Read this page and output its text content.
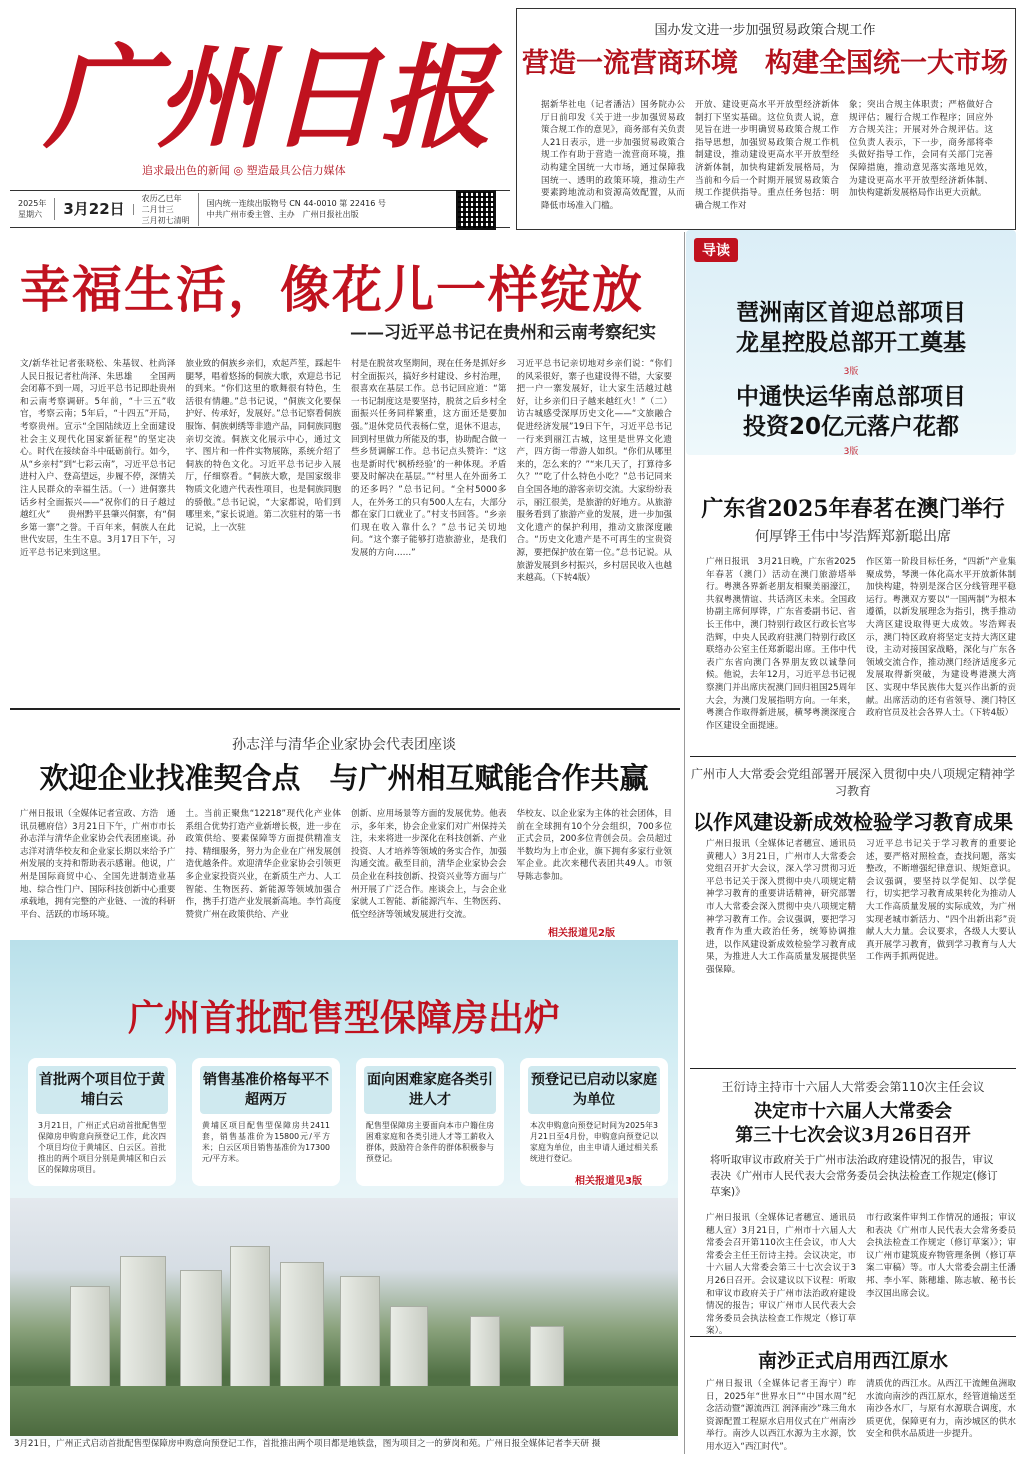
广州日报
追求最出色的新闻 ◎ 塑造最具公信力媒体
2025年
星期六	3月22日
农历乙巳年
二月廿三
三月初七清明
国内统一连续出版物号 CN 44-0010 第 22416 号
中共广州市委主管、主办　广州日报社出版
国办发文进一步加强贸易政策合规工作
营造一流营商环境　构建全国统一大市场
据新华社电（记者潘洁）国务院办公厅日前印发《关于进一步加强贸易政策合规工作的意见》，商务部有关负责人21日表示，进一步加强贸易政策合规工作有助于营造一流营商环境，推动构建全国统一大市场，通过保障我国统一、透明的政策环境，推动生产要素跨地流动和资源高效配置，从而降低市场准入门槛。
开放、建设更高水平开放型经济新体制打下坚实基础。这位负责人说，意见旨在进一步明确贸易政策合规工作指导思想，加强贸易政策合规工作机制建设，推动建设更高水平开放型经济新体制，加快构建新发展格局，为当前和今后一个时期开展贸易政策合规工作提供指导。重点任务包括：明确合规工作对
象；突出合规主体职责；严格做好合规评估；履行合规工作程序；回应外方合规关注；开展对外合规评估。这位负责人表示，下一步，商务部将牵头做好指导工作，会同有关部门完善保障措施，推动意见落实落地见效，为建设更高水平开放型经济新体制、加快构建新发展格局作出更大贡献。
幸福生活，像花儿一样绽放
——习近平总书记在贵州和云南考察纪实
文/新华社记者张晓松、朱基钗、杜尚泽 人民日报记者杜尚泽、朱思雄　　全国两会闭幕不到一周，习近平总书记即赴贵州和云南考察调研。5年前，“十三五”收官，考察云南；5年后，“十四五”开局，考察贵州。宣示“全国陆续迈上全面建设社会主义现代化国家新征程”的坚定决心。时代在接续奋斗中砥砺前行。如今，从“乡亲村”到“七彩云南”，习近平总书记进村入户、登高望远，步履不停，深情关注人民群众的幸福生活。（一）进侗寨共话乡村全面振兴——“祝你们的日子越过越红火”　　贵州黔平县肇兴侗寨，有“侗乡第一寨”之誉。千百年来，侗族人在此世代安居，生生不息。3月17日下午，习近平总书记来到这里。
旅业致的侗族乡亲们，欢起芦笙，踩起牛腿琴，唱着悠扬的侗族大歌，欢迎总书记的到来。“你们这里的歌舞很有特色，生活很有情趣。”总书记说，“侗族文化要保护好、传承好，发展好。”总书记察看侗族服饰、侗族刺绣等非遗产品，同侗族同胞亲切交流。侗族文化展示中心，通过文字、图片和一件件实物展陈，系统介绍了侗族的特色文化。习近平总书记步入展厅，仔细察看。“侗族大歌，是国家级非物质文化遗产代表性项目，也是侗族同胞的骄傲。”总书记说，“大家都说，哈们到哪里来，”家长说道。第二次驻村的第一书记说，上一次驻
村是在脱贫攻坚期间，现在任务是抓好乡村全面振兴，搞好乡村建设、乡村治理，很喜欢在基层工作。总书记回应道：“第一书记制度这是要坚持，脱贫之后乡村全面振兴任务同样繁重，这方面还是要加强。”退休党员代表杨仁堂，退休不退志，回到村里做力所能及的事，协助配合做一些乡贤调解工作。总书记点头赞许：“这也是新时代‘枫桥经验’的一种体现。矛盾要及时解决在基层。”“村里人在外面务工的还多吗？”总书记问。“全村5000多人，在外务工的只有500人左右，大部分都在家门口就业了。”村支书回答。“乡亲们现在收入靠什么？”总书记关切地问。“这个寨子能够打造旅游业，是我们发展的方向……”
习近平总书记亲切地对乡亲们说：“你们的风采很好，寨子也建设得不错，大家要把一户一寨发展好，让大家生活越过越好，让乡亲们日子越来越红火！”（二）访古城感受深厚历史文化——“文旅融合促进经济发展”19日下午，习近平总书记一行来到丽江古城，这里是世界文化遗产，四方街一带游人如织。“你们从哪里来的，怎么来的？”“来几天了，打算待多久？”“吃了什么特色小吃？”总书记同来自全国各地的游客亲切交流。大家纷纷表示，丽江很美，是旅游的好地方。从旅游服务看到了旅游产业的发展，进一步加强文化遗产的保护利用，推动文旅深度融合。“历史文化遗产是不可再生的宝贵资源，要把保护放在第一位。”总书记说。从旅游发展到乡村振兴，乡村居民收入也越来越高。（下转4版）
导读
琶洲南区首迎总部项目
龙星控股总部开工奠基
3版
中通快运华南总部项目
投资20亿元落户花都
3版
广东省2025年春茗在澳门举行
何厚铧王伟中岑浩辉郑新聪出席
广州日报讯　3月21日晚，广东省2025年春茗（澳门）活动在澳门旅游塔举行。粤澳各界新老朋友相聚美丽濠江，共叙粤澳情谊、共话湾区未来。全国政协副主席何厚铧，广东省委副书记、省长王伟中，澳门特别行政区行政长官岑浩辉，中央人民政府驻澳门特别行政区联络办公室主任郑新聪出席。王伟中代表广东省向澳门各界朋友致以诚挚问候。他说，去年12月，习近平总书记视察澳门并出席庆祝澳门回归祖国25周年大会，为澳门发展指明方向。一年来，粤澳合作取得新进展，横琴粤澳深度合作区建设全面提速。
作区第一阶段目标任务，“四新”产业集聚成势，琴澳一体化高水平开放新体制加快构建，特别是深合区分线管理平稳运行。粤澳双方要以“一国两制”为根本遵循，以新发展理念为指引，携手推动大湾区建设取得更大成效。岑浩辉表示，澳门特区政府将坚定支持大湾区建设，主动对接国家战略，深化与广东各领域交流合作，推动澳门经济适度多元发展取得新突破，为建设粤港澳大湾区、实现中华民族伟大复兴作出新的贡献。出席活动的还有省领导、澳门特区政府官员及社会各界人士。（下转4版）
孙志洋与清华企业家协会代表团座谈
欢迎企业找准契合点　与广州相互赋能合作共赢
广州日报讯（全媒体记者宣政、方浩　通讯员穗府信）3月21日下午，广州市市长孙志洋与清华企业家协会代表团座谈。孙志洋对清华校友和企业家长期以来给予广州发展的支持和帮助表示感谢。他说，广州是国际商贸中心、全国先进制造业基地、综合性门户、国际科技创新中心重要承载地，拥有完整的产业链、一流的科研平台、活跃的市场环境。
土。当前正聚焦“12218”现代化产业体系组合优势打造产业新增长极，进一步在政策供给、要素保障等方面提供精准支持、精细服务，努力为企业在广州发展创造优越条件。欢迎清华企业家协会引领更多企业家投资兴业，在新质生产力、人工智能、生物医药、新能源等领域加强合作，携手打造产业发展新高地。李竹高度赞赏广州在政策供给、产业
创新、应用场景等方面的发展优势。他表示，多年来，协会企业家们对广州保持关注，未来将进一步深化在科技创新、产业投资、人才培养等领域的务实合作，加强沟通交流。截至目前，清华企业家协会会员企业在科技创新、投资兴业等方面与广州开展了广泛合作。座谈会上，与会企业家就人工智能、新能源汽车、生物医药、低空经济等领域发展进行交流。
华校友、以企业家为主体的社会团体，目前在全球拥有10个分会组织，700多位正式会员，200多位青创会员。会员超过半数均为上市企业，旗下拥有多家行业领军企业。此次来穗代表团共49人。市领导陈志参加。
相关报道见2版
广州首批配售型保障房出炉
首批两个项目位于黄埔白云
3月21日，广州正式启动首批配售型保障房申购意向预登记工作，此次四个项目均位于黄埔区、白云区。首批推出的两个项目分别是黄埔区和白云区的保障房项目。
销售基准价格每平不超两万
黄埔区项目配售型保障房共2411套，销售基准价为15800元/平方米；白云区项目销售基准价为17300元/平方米。
面向困难家庭各类引进人才
配售型保障房主要面向本市户籍住房困难家庭和各类引进人才等工薪收入群体，鼓励符合条件的群体积极参与预登记。
预登记已启动以家庭为单位
本次申购意向预登记时间为2025年3月21日至4月份，申购意向预登记以家庭为单位，由主申请人通过相关系统进行登记。
相关报道见3版
3月21日，广州正式启动首批配售型保障房申购意向预登记工作，首批推出两个项目都是地铁盘，图为项目之一的萝岗和苑。广州日报全媒体记者李天研 摄
广州市人大常委会党组部署开展深入贯彻中央八项规定精神学习教育
以作风建设新成效检验学习教育成果
广州日报讯（全媒体记者穗宣、通讯员黄穗人）3月21日，广州市人大常委会党组召开扩大会议，深入学习贯彻习近平总书记关于深入贯彻中央八项规定精神学习教育的重要讲话精神，研究部署市人大常委会深入贯彻中央八项规定精神学习教育工作。会议强调，要把学习教育作为重大政治任务，统筹协调推进，以作风建设新成效检验学习教育成果，为推进人大工作高质量发展提供坚强保障。
习近平总书记关于学习教育的重要论述，要严格对照检查，查找问题，落实整改，不断增强纪律意识、规矩意识。会议强调，要坚持以学促知、以学促行，切实把学习教育成果转化为推动人大工作高质量发展的实际成效，为广州实现老城市新活力、“四个出新出彩”贡献人大力量。会议要求，各级人大要认真开展学习教育，做到学习教育与人大工作两手抓两促进。
王衍诗主持市十六届人大常委会第110次主任会议
决定市十六届人大常委会
第三十七次会议3月26日召开
将听取审议市政府关于广州市法治政府建设情况的报告，审议表决《广州市人民代表大会常务委员会执法检查工作规定(修订草案)》
广州日报讯（全媒体记者穗宣、通讯员穗人宣）3月21日，广州市十六届人大常委会召开第110次主任会议，市人大常委会主任王衍诗主持。会议决定，市十六届人大常委会第三十七次会议于3月26日召开。会议建议以下议程：听取和审议市政府关于广州市法治政府建设情况的报告；审议广州市人民代表大会常务委员会执法检查工作规定（修订草案）。
市行政案件审判工作情况的通报；审议和表决《广州市人民代表大会常务委员会执法检查工作规定（修订草案）》；审议广州市建筑废弃物管理条例（修订草案二审稿）等。市人大常委会副主任潘邦、李小军、陈穗雄、陈志敏、秘书长李汉国出席会议。
南沙正式启用西江原水
广州日报讯（全媒体记者王海宁）昨日，2025年“世界水日”“中国水周”纪念活动暨“源流西江 润泽南沙”珠三角水资源配置工程原水启用仪式在广州南沙举行。南沙人以西江水源为主水源，饮用水迈入“西江时代”。
清质优的西江水。从西江干流鲤鱼洲取水流向南沙的西江原水，经管道输送至南沙各水厂，与原有水源联合调度，水质更优，保障更有力，南沙城区的供水安全和供水品质进一步提升。
